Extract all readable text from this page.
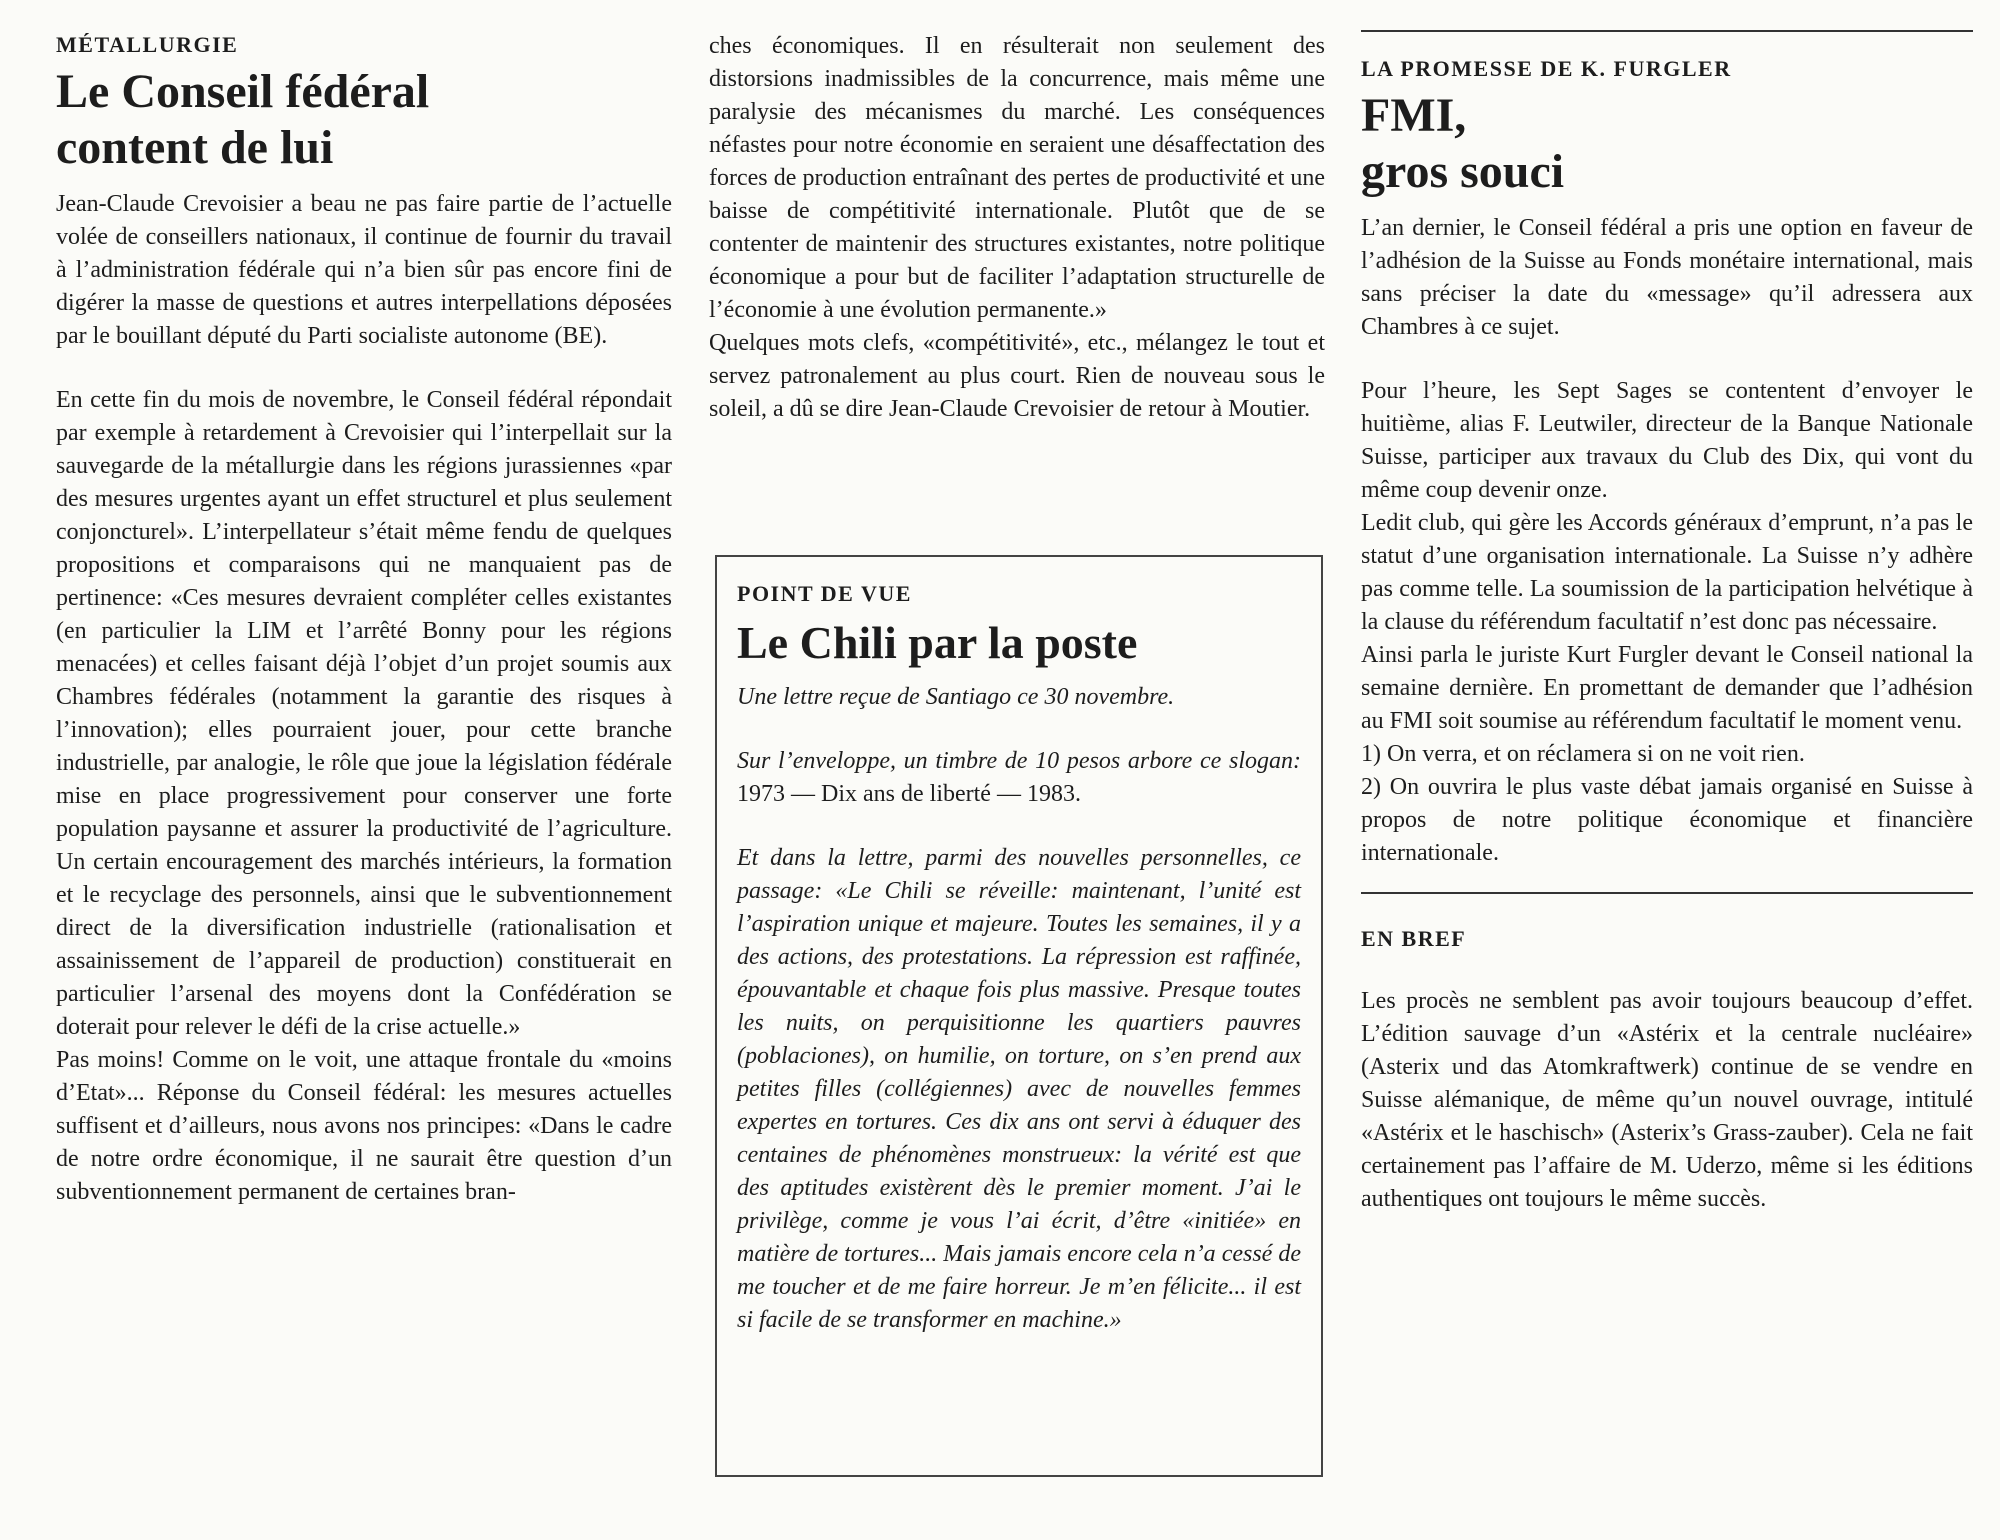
MÉTALLURGIE
Le Conseil fédéral
content de lui

Jean-Claude Crevoisier a beau ne pas faire partie de l’actuelle volée de conseillers nationaux, il continue de fournir du travail à l’administration fédérale qui n’a bien sûr pas encore fini de digérer la masse de questions et autres interpellations déposées par le bouillant député du Parti socialiste autonome (BE).

En cette fin du mois de novembre, le Conseil fédéral répondait par exemple à retardement à Crevoisier qui l’interpellait sur la sauvegarde de la métallurgie dans les régions jurassiennes «par des mesures urgentes ayant un effet structurel et plus seulement conjoncturel». L’interpellateur s’était même fendu de quelques propositions et comparaisons qui ne manquaient pas de pertinence: «Ces mesures devraient compléter celles existantes (en particulier la LIM et l’arrêté Bonny pour les régions menacées) et celles faisant déjà l’objet d’un projet soumis aux Chambres fédérales (notamment la garantie des risques à l’innovation); elles pourraient jouer, pour cette branche industrielle, par analogie, le rôle que joue la législation fédérale mise en place progressivement pour conserver une forte population paysanne et assurer la productivité de l’agriculture. Un certain encouragement des marchés intérieurs, la formation et le recyclage des personnels, ainsi que le subventionnement direct de la diversification industrielle (rationalisation et assainissement de l’appareil de production) constituerait en particulier l’arsenal des moyens dont la Confédération se doterait pour relever le défi de la crise actuelle.»

Pas moins! Comme on le voit, une attaque frontale du «moins d’Etat»... Réponse du Conseil fédéral: les mesures actuelles suffisent et d’ailleurs, nous avons nos principes: «Dans le cadre de notre ordre économique, il ne saurait être question d’un subventionnement permanent de certaines bran-

ches économiques. Il en résulterait non seulement des distorsions inadmissibles de la concurrence, mais même une paralysie des mécanismes du marché. Les conséquences néfastes pour notre économie en seraient une désaffectation des forces de production entraînant des pertes de productivité et une baisse de compétitivité internationale. Plutôt que de se contenter de maintenir des structures existantes, notre politique économique a pour but de faciliter l’adaptation structurelle de l’économie à une évolution permanente.»

Quelques mots clefs, «compétitivité», etc., mélangez le tout et servez patronalement au plus court. Rien de nouveau sous le soleil, a dû se dire Jean-Claude Crevoisier de retour à Moutier.

POINT DE VUE
Le Chili par la poste

Une lettre reçue de Santiago ce 30 novembre.

Sur l’enveloppe, un timbre de 10 pesos arbore ce slogan: 1973 — Dix ans de liberté — 1983.

Et dans la lettre, parmi des nouvelles personnelles, ce passage: «Le Chili se réveille: maintenant, l’unité est l’aspiration unique et majeure. Toutes les semaines, il y a des actions, des protestations. La répression est raffinée, épouvantable et chaque fois plus massive. Presque toutes les nuits, on perquisitionne les quartiers pauvres (poblaciones), on humilie, on torture, on s’en prend aux petites filles (collégiennes) avec de nouvelles femmes expertes en tortures. Ces dix ans ont servi à éduquer des centaines de phénomènes monstrueux: la vérité est que des aptitudes existèrent dès le premier moment. J’ai le privilège, comme je vous l’ai écrit, d’être «initiée» en matière de tortures... Mais jamais encore cela n’a cessé de me toucher et de me faire horreur. Je m’en félicite... il est si facile de se transformer en machine.»

LA PROMESSE DE K. FURGLER
FMI,
gros souci

L’an dernier, le Conseil fédéral a pris une option en faveur de l’adhésion de la Suisse au Fonds monétaire international, mais sans préciser la date du «message» qu’il adressera aux Chambres à ce sujet.

Pour l’heure, les Sept Sages se contentent d’envoyer le huitième, alias F. Leutwiler, directeur de la Banque Nationale Suisse, participer aux travaux du Club des Dix, qui vont du même coup devenir onze.

Ledit club, qui gère les Accords généraux d’emprunt, n’a pas le statut d’une organisation internationale. La Suisse n’y adhère pas comme telle. La soumission de la participation helvétique à la clause du référendum facultatif n’est donc pas nécessaire.

Ainsi parla le juriste Kurt Furgler devant le Conseil national la semaine dernière. En promettant de demander que l’adhésion au FMI soit soumise au référendum facultatif le moment venu.

1) On verra, et on réclamera si on ne voit rien.

2) On ouvrira le plus vaste débat jamais organisé en Suisse à propos de notre politique économique et financière internationale.

EN BREF

Les procès ne semblent pas avoir toujours beaucoup d’effet. L’édition sauvage d’un «Astérix et la centrale nucléaire» (Asterix und das Atomkraftwerk) continue de se vendre en Suisse alémanique, de même qu’un nouvel ouvrage, intitulé «Astérix et le haschisch» (Asterix’s Grass-zauber). Cela ne fait certainement pas l’affaire de M. Uderzo, même si les éditions authentiques ont toujours le même succès.
